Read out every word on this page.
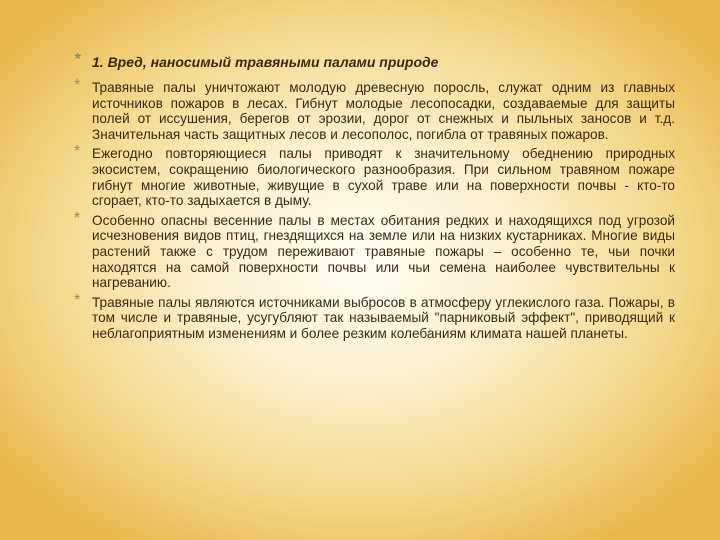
* 1. Вред, наносимый травяными палами природе
* Травяные палы уничтожают молодую древесную поросль, служат одним из главных источников пожаров в лесах. Гибнут молодые лесопосадки, создаваемые для защиты полей от иссушения, берегов от эрозии, дорог от снежных и пыльных заносов и т.д. Значительная часть защитных лесов и лесополос, погибла от травяных пожаров.
* Ежегодно повторяющиеся палы приводят к значительному обеднению природных экосистем, сокращению биологического разнообразия. При сильном травяном пожаре гибнут многие животные, живущие в сухой траве или на поверхности почвы - кто-то сгорает, кто-то задыхается в дыму.
* Особенно опасны весенние палы в местах обитания редких и находящихся под угрозой исчезновения видов птиц, гнездящихся на земле или на низких кустарниках. Многие виды растений также с трудом переживают травяные пожары – особенно те, чьи почки находятся на самой поверхности почвы или чьи семена наиболее чувствительны к нагреванию.
* Травяные палы являются источниками выбросов в атмосферу углекислого газа. Пожары, в том числе и травяные, усугубляют так называемый "парниковый эффект", приводящий к неблагоприятным изменениям и более резким колебаниям климата нашей планеты.
